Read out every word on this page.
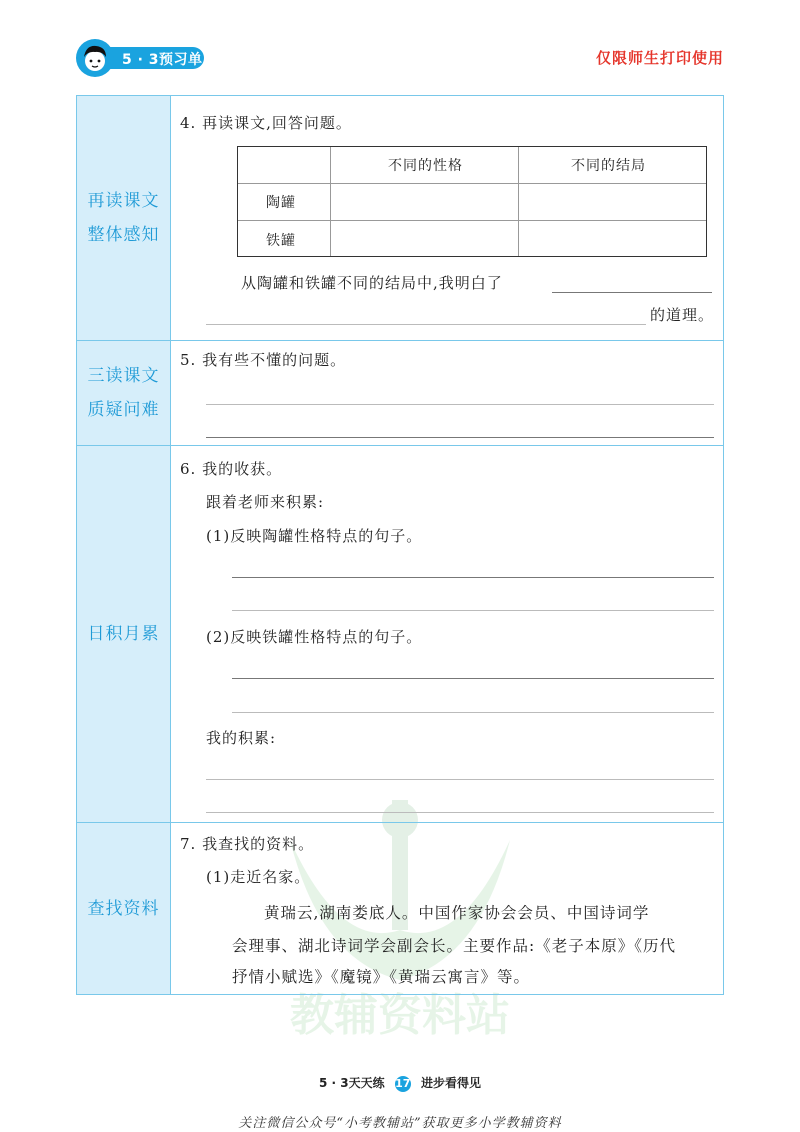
5 · 3预习单	仅限师生打印使用
教辅资料站
再读课文
整体感知
4. 再读课文,回答问题。
不同的性格	不同的结局
陶罐
铁罐
从陶罐和铁罐不同的结局中,我明白了
的道理。
三读课文
质疑问难
5. 我有些不懂的问题。
日积月累
6. 我的收获。
跟着老师来积累:
(1)反映陶罐性格特点的句子。
(2)反映铁罐性格特点的句子。
我的积累:
查找资料
7. 我查找的资料。
(1)走近名家。
黄瑞云,湖南娄底人。中国作家协会会员、中国诗词学
会理事、湖北诗词学会副会长。主要作品:《老子本原》《历代
抒情小赋选》《魔镜》《黄瑞云寓言》等。
5 · 3天天练 17 进步看得见
关注微信公众号“小考教辅站”获取更多小学教辅资料
